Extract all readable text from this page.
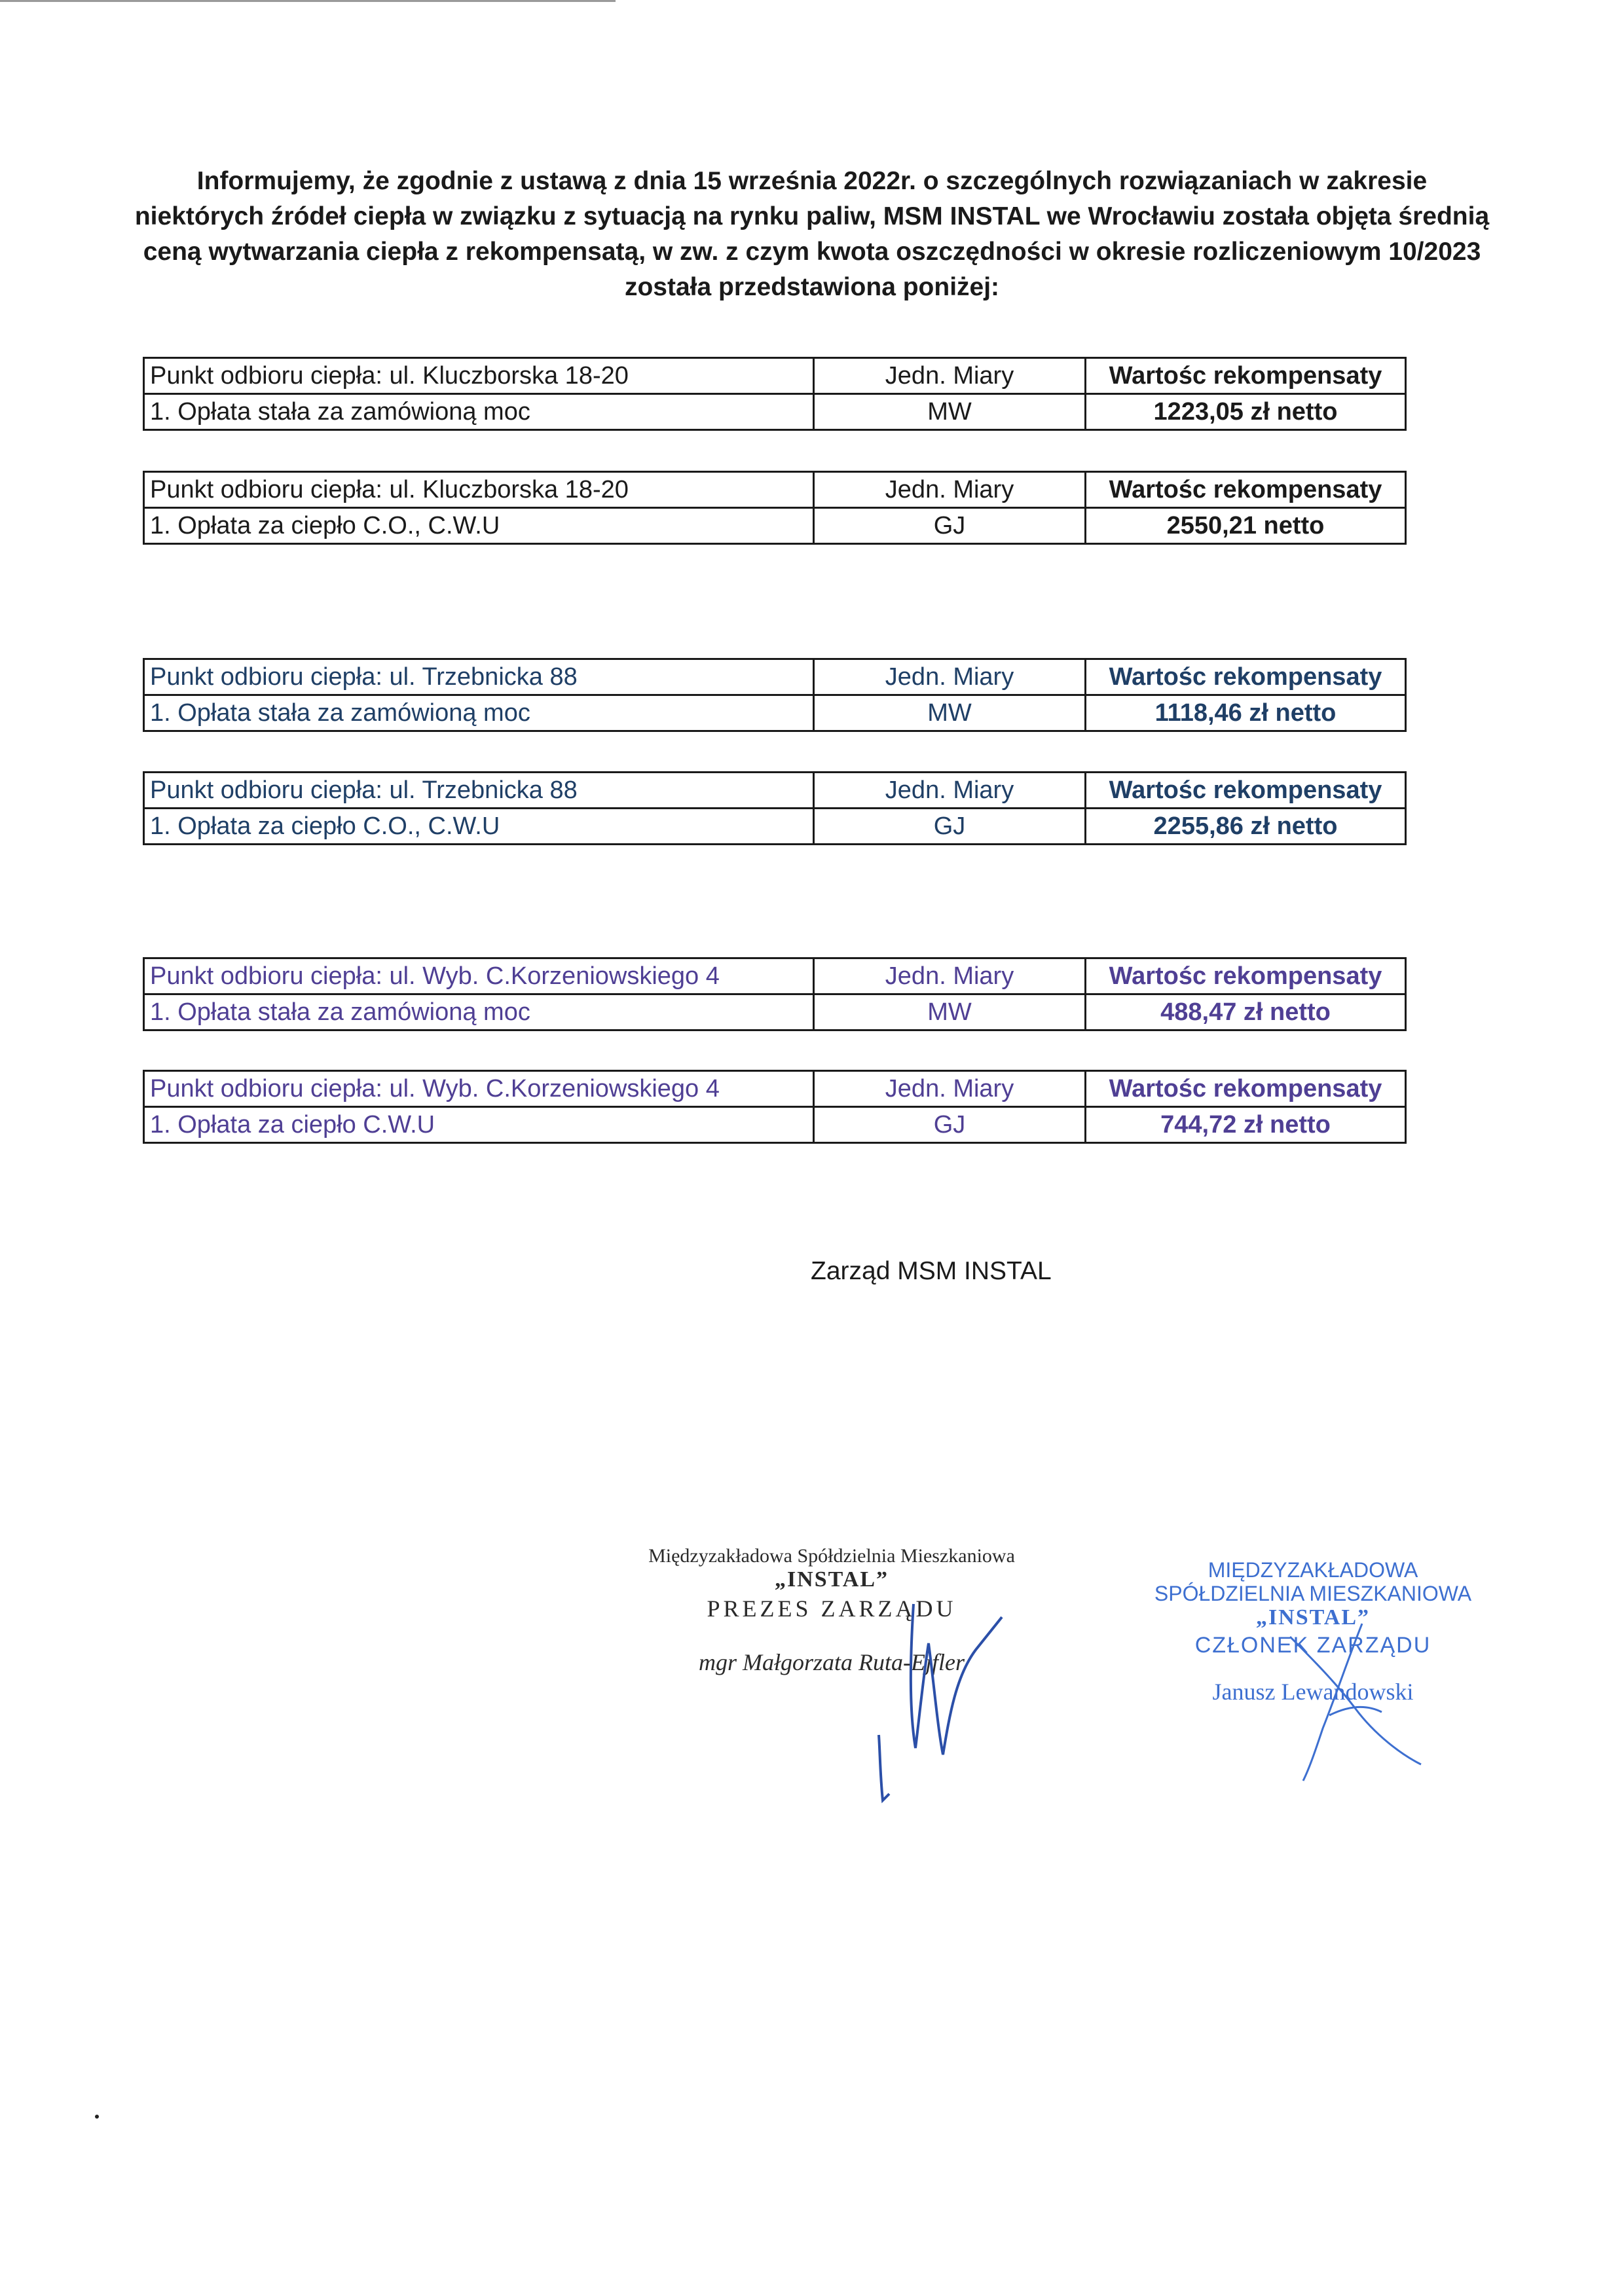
Informujemy, że zgodnie z ustawą z dnia 15 września 2022r. o szczególnych rozwiązaniach w zakresie niektórych źródeł ciepła w związku z sytuacją na rynku paliw, MSM INSTAL we Wrocławiu została objęta średnią ceną wytwarzania ciepła z rekompensatą, w zw. z czym kwota oszczędności w okresie rozliczeniowym 10/2023 została przedstawiona poniżej:
Punkt odbioru ciepła: ul. Kluczborska 18-20	Jedn. Miary	Wartośc rekompensaty
1. Opłata stała za zamówioną moc	MW	1223,05 zł netto
Punkt odbioru ciepła: ul. Kluczborska 18-20	Jedn. Miary	Wartośc rekompensaty
1. Opłata za ciepło C.O., C.W.U	GJ	2550,21 netto
Punkt odbioru ciepła: ul. Trzebnicka 88	Jedn. Miary	Wartośc rekompensaty
1. Opłata stała za zamówioną moc	MW	1118,46 zł netto
Punkt odbioru ciepła: ul. Trzebnicka 88	Jedn. Miary	Wartośc rekompensaty
1. Opłata za ciepło C.O., C.W.U	GJ	2255,86 zł netto
Punkt odbioru ciepła: ul. Wyb. C.Korzeniowskiego 4	Jedn. Miary	Wartośc rekompensaty
1. Opłata stała za zamówioną moc	MW	488,47 zł netto
Punkt odbioru ciepła: ul. Wyb. C.Korzeniowskiego 4	Jedn. Miary	Wartośc rekompensaty
1. Opłata za ciepło C.W.U	GJ	744,72 zł netto
Zarząd MSM INSTAL
Międzyzakładowa Spółdzielnia Mieszkaniowa
„INSTAL”
PREZES ZARZĄDU
mgr Małgorzata Ruta-Ejfler
MIĘDZYZAKŁADOWA SPÓŁDZIELNIA MIESZKANIOWA
„INSTAL”
CZŁONEK ZARZĄDU
Janusz Lewandowski
